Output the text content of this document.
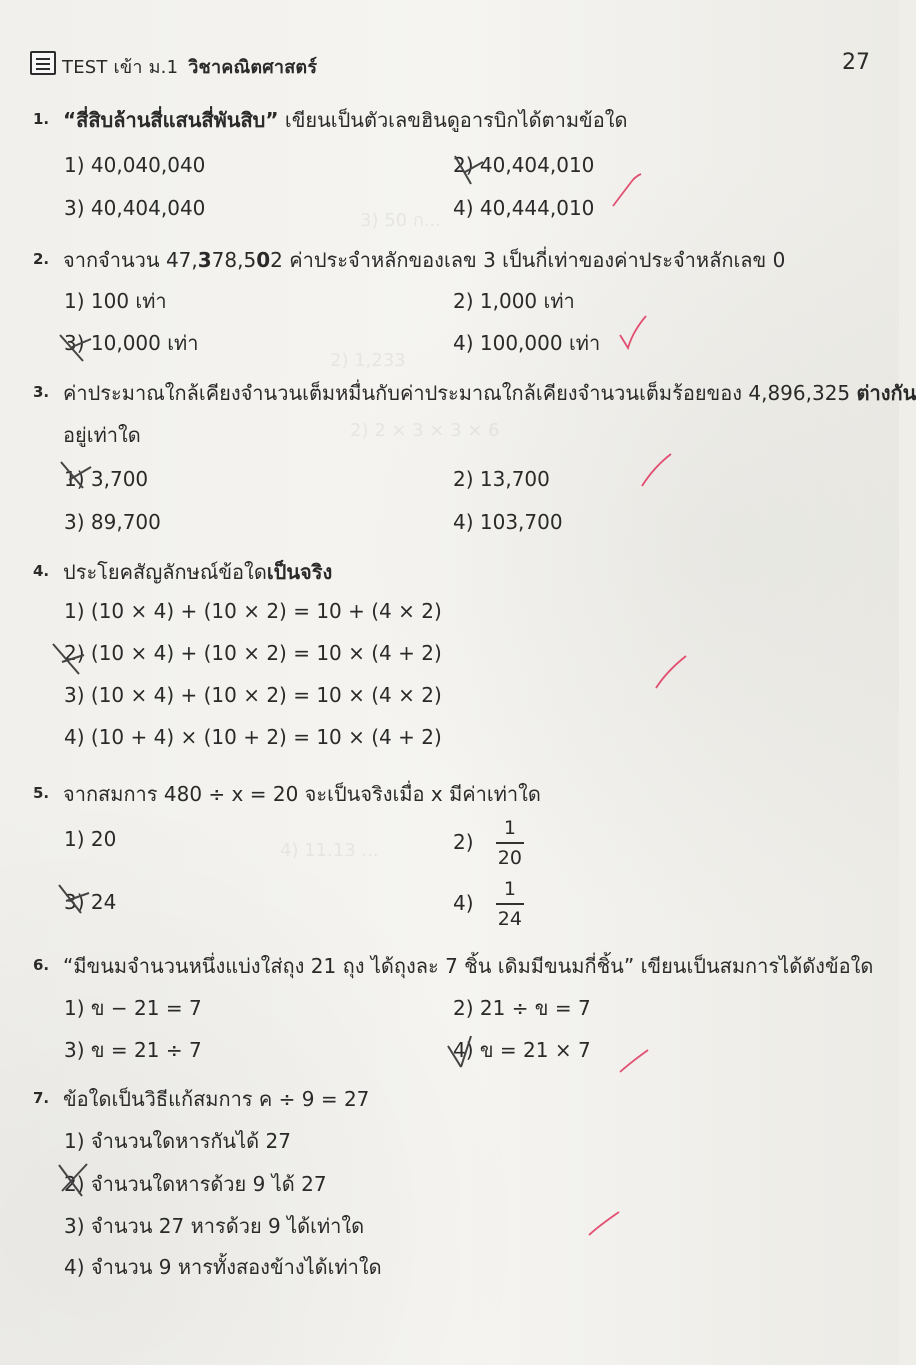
3) 50 ก...
2) 1,233
2) 2 × 3 × 3 × 6
4) 11.13 ...
TEST เข้า ม.1 วิชาคณิตศาสตร์	27
1. “สี่สิบล้านสี่แสนสี่พันสิบ” เขียนเป็นตัวเลขฮินดูอารบิกได้ตามข้อใด
1) 40,040,040	2) 40,404,010
3) 40,404,040	4) 40,444,010
2. จากจำนวน 47,378,502 ค่าประจำหลักของเลข 3 เป็นกี่เท่าของค่าประจำหลักเลข 0
1) 100 เท่า	2) 1,000 เท่า
3) 10,000 เท่า	4) 100,000 เท่า
3. ค่าประมาณใกล้เคียงจำนวนเต็มหมื่นกับค่าประมาณใกล้เคียงจำนวนเต็มร้อยของ 4,896,325 ต่างกัน
อยู่เท่าใด
1) 3,700	2) 13,700
3) 89,700	4) 103,700
4. ประโยคสัญลักษณ์ข้อใดเป็นจริง
1) (10 × 4) + (10 × 2) = 10 + (4 × 2)
2) (10 × 4) + (10 × 2) = 10 × (4 + 2)
3) (10 × 4) + (10 × 2) = 10 × (4 × 2)
4) (10 + 4) × (10 + 2) = 10 × (4 + 2)
5. จากสมการ 480 ÷ x = 20 จะเป็นจริงเมื่อ x มีค่าเท่าใด
1) 20	$2) \frac{1}{20}$
3) 24	$4) \frac{1}{24}$
6. “มีขนมจำนวนหนึ่งแบ่งใส่ถุง 21 ถุง ได้ถุงละ 7 ชิ้น เดิมมีขนมกี่ชิ้น” เขียนเป็นสมการได้ดังข้อใด
1) ข − 21 = 7	2) 21 ÷ ข = 7
3) ข = 21 ÷ 7	4) ข = 21 × 7
7. ข้อใดเป็นวิธีแก้สมการ ค ÷ 9 = 27
1) จำนวนใดหารกันได้ 27
2) จำนวนใดหารด้วย 9 ได้ 27
3) จำนวน 27 หารด้วย 9 ได้เท่าใด
4) จำนวน 9 หารทั้งสองข้างได้เท่าใด
